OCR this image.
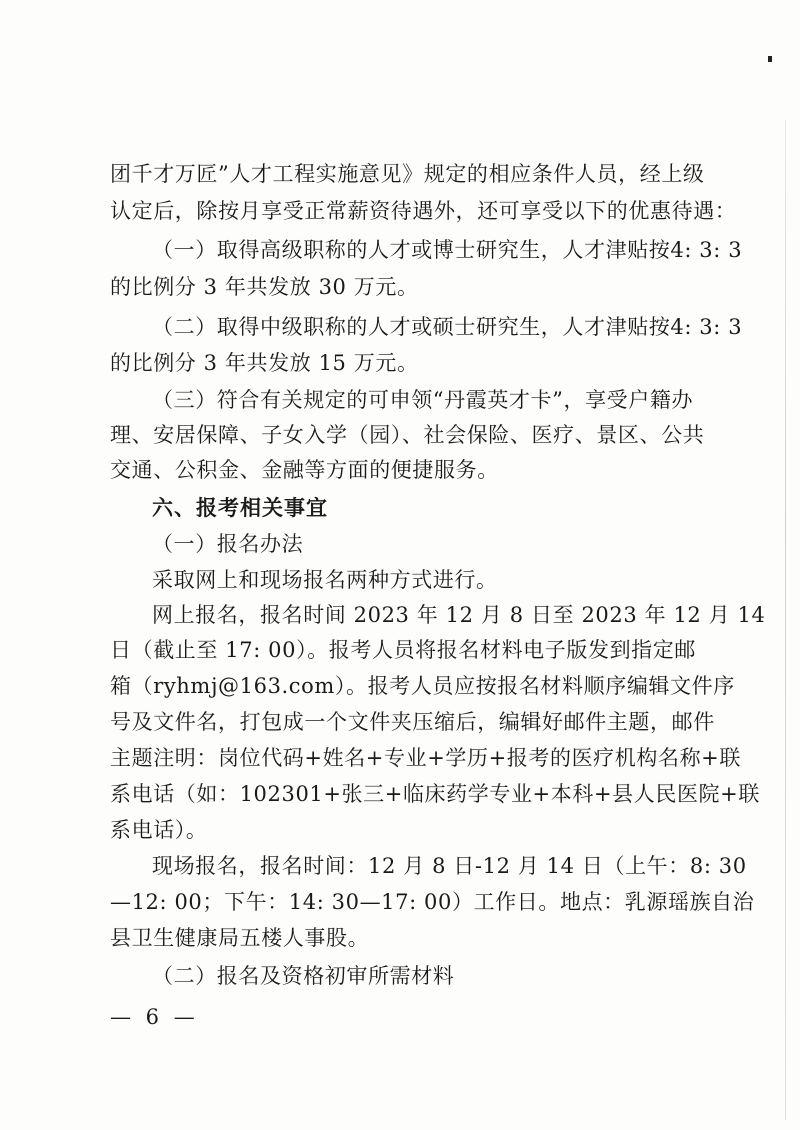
团千才万匠”人才工程实施意见》规定的相应条件人员，经上级
认定后，除按月享受正常薪资待遇外，还可享受以下的优惠待遇：
（一）取得高级职称的人才或博士研究生，人才津贴按4: 3: 3
的比例分 3 年共发放 30 万元。
（二）取得中级职称的人才或硕士研究生，人才津贴按4: 3: 3
的比例分 3 年共发放 15 万元。
（三）符合有关规定的可申领“丹霞英才卡”，享受户籍办
理、安居保障、子女入学（园）、社会保险、医疗、景区、公共
交通、公积金、金融等方面的便捷服务。
六、报考相关事宜
（一）报名办法
采取网上和现场报名两种方式进行。
网上报名，报名时间 2023 年 12 月 8 日至 2023 年 12 月 14
日（截止至 17: 00）。报考人员将报名材料电子版发到指定邮
箱（ryhmj@163.com）。报考人员应按报名材料顺序编辑文件序
号及文件名，打包成一个文件夹压缩后，编辑好邮件主题，邮件
主题注明：岗位代码+姓名+专业+学历+报考的医疗机构名称+联
系电话（如：102301+张三+临床药学专业+本科+县人民医院+联
系电话）。
现场报名，报名时间：12 月 8 日-12 月 14 日（上午：8: 30
—12: 00；下午：14: 30—17: 00）工作日。地点：乳源瑶族自治
县卫生健康局五楼人事股。
（二）报名及资格初审所需材料
— 6 —
